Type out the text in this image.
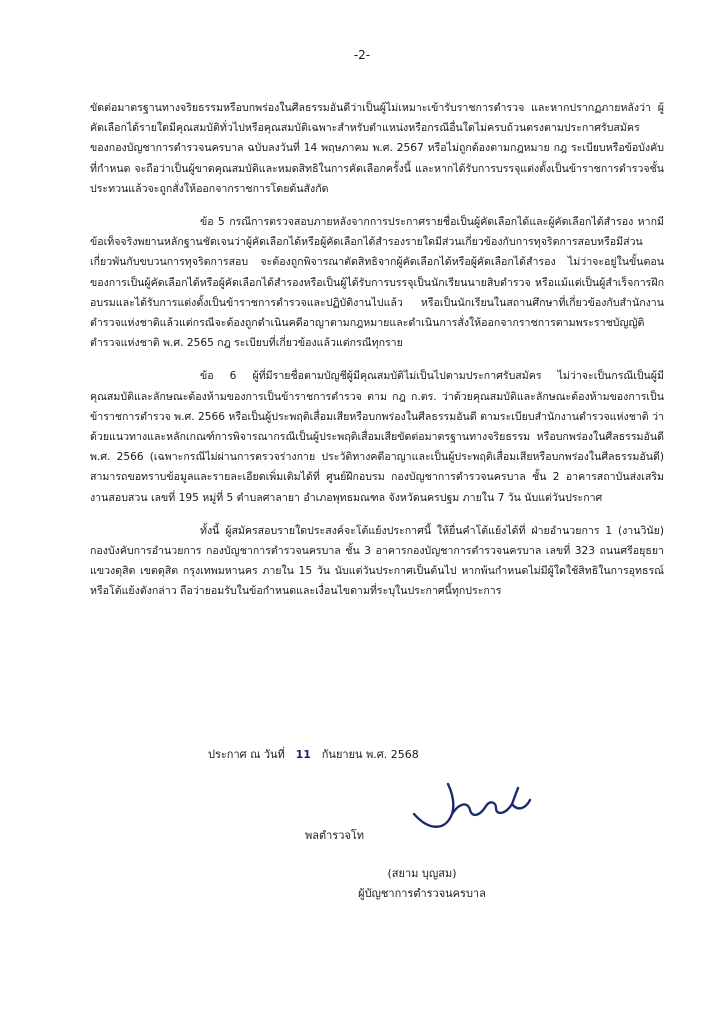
-2-

ขัดต่อมาตรฐานทางจริยธรรมหรือบกพร่องในศีลธรรมอันดีว่าเป็นผู้ไม่เหมาะเข้ารับราชการตำรวจ และหากปรากฏภายหลังว่า ผู้คัดเลือกได้รายใดมีคุณสมบัติทั่วไปหรือคุณสมบัติเฉพาะสำหรับตำแหน่งหรือกรณีอื่นใดไม่ครบถ้วนตรงตามประกาศรับสมัครของกองบัญชาการตำรวจนครบาล ฉบับลงวันที่ 14 พฤษภาคม พ.ศ. 2567 หรือไม่ถูกต้องตามกฎหมาย กฎ ระเบียบหรือข้อบังคับที่กำหนด จะถือว่าเป็นผู้ขาดคุณสมบัติและหมดสิทธิในการคัดเลือกครั้งนี้ และหากได้รับการบรรจุแต่งตั้งเป็นข้าราชการตำรวจชั้นประทวนแล้วจะถูกสั่งให้ออกจากราชการโดยต้นสังกัด

ข้อ 5 กรณีการตรวจสอบภายหลังจากการประกาศรายชื่อเป็นผู้คัดเลือกได้และผู้คัดเลือกได้สำรอง หากมีข้อเท็จจริงพยานหลักฐานชัดเจนว่าผู้คัดเลือกได้หรือผู้คัดเลือกได้สำรองรายใดมีส่วนเกี่ยวข้องกับการทุจริตการสอบหรือมีส่วนเกี่ยวพันกับขบวนการทุจริตการสอบ จะต้องถูกพิจารณาตัดสิทธิจากผู้คัดเลือกได้หรือผู้คัดเลือกได้สำรอง ไม่ว่าจะอยู่ในขั้นตอนของการเป็นผู้คัดเลือกได้หรือผู้คัดเลือกได้สำรองหรือเป็นผู้ได้รับการบรรจุเป็นนักเรียนนายสิบตำรวจ หรือแม้แต่เป็นผู้สำเร็จการฝึกอบรมและได้รับการแต่งตั้งเป็นข้าราชการตำรวจและปฏิบัติงานไปแล้ว หรือเป็นนักเรียนในสถานศึกษาที่เกี่ยวข้องกับสำนักงานตำรวจแห่งชาติแล้วแต่กรณีจะต้องถูกดำเนินคดีอาญาตามกฎหมายและดำเนินการสั่งให้ออกจากราชการตามพระราชบัญญัติตำรวจแห่งชาติ พ.ศ. 2565 กฎ ระเบียบที่เกี่ยวข้องแล้วแต่กรณีทุกราย

ข้อ 6 ผู้ที่มีรายชื่อตามบัญชีผู้มีคุณสมบัติไม่เป็นไปตามประกาศรับสมัคร ไม่ว่าจะเป็นกรณีเป็นผู้มีคุณสมบัติและลักษณะต้องห้ามของการเป็นข้าราชการตำรวจ ตาม กฎ ก.ตร. ว่าด้วยคุณสมบัติและลักษณะต้องห้ามของการเป็นข้าราชการตำรวจ พ.ศ. 2566 หรือเป็นผู้ประพฤติเสื่อมเสียหรือบกพร่องในศีลธรรมอันดี ตามระเบียบสำนักงานตำรวจแห่งชาติ ว่าด้วยแนวทางและหลักเกณฑ์การพิจารณากรณีเป็นผู้ประพฤติเสื่อมเสียขัดต่อมาตรฐานทางจริยธรรม หรือบกพร่องในศีลธรรมอันดี พ.ศ. 2566 (เฉพาะกรณีไม่ผ่านการตรวจร่างกาย ประวัติทางคดีอาญาและเป็นผู้ประพฤติเสื่อมเสียหรือบกพร่องในศีลธรรมอันดี) สามารถขอทราบข้อมูลและรายละเอียดเพิ่มเติมได้ที่ ศูนย์ฝึกอบรม กองบัญชาการตำรวจนครบาล ชั้น 2 อาคารสถาบันส่งเสริมงานสอบสวน เลขที่ 195 หมู่ที่ 5 ตำบลศาลายา อำเภอพุทธมณฑล จังหวัดนครปฐม ภายใน 7 วัน นับแต่วันประกาศ

ทั้งนี้ ผู้สมัครสอบรายใดประสงค์จะโต้แย้งประกาศนี้ ให้ยื่นคำโต้แย้งได้ที่ ฝ่ายอำนวยการ 1 (งานวินัย) กองบังคับการอำนวยการ กองบัญชาการตำรวจนครบาล ชั้น 3 อาคารกองบัญชาการตำรวจนครบาล เลขที่ 323 ถนนศรีอยุธยา แขวงดุสิต เขตดุสิต กรุงเทพมหานคร ภายใน 15 วัน นับแต่วันประกาศเป็นต้นไป หากพ้นกำหนดไม่มีผู้ใดใช้สิทธิในการอุทธรณ์หรือโต้แย้งดังกล่าว ถือว่ายอมรับในข้อกำหนดและเงื่อนไขตามที่ระบุในประกาศนี้ทุกประการ

ประกาศ ณ วันที่ 11 กันยายน พ.ศ. 2568
พลตำรวจโท
(สยาม บุญสม)
ผู้บัญชาการตำรวจนครบาล
